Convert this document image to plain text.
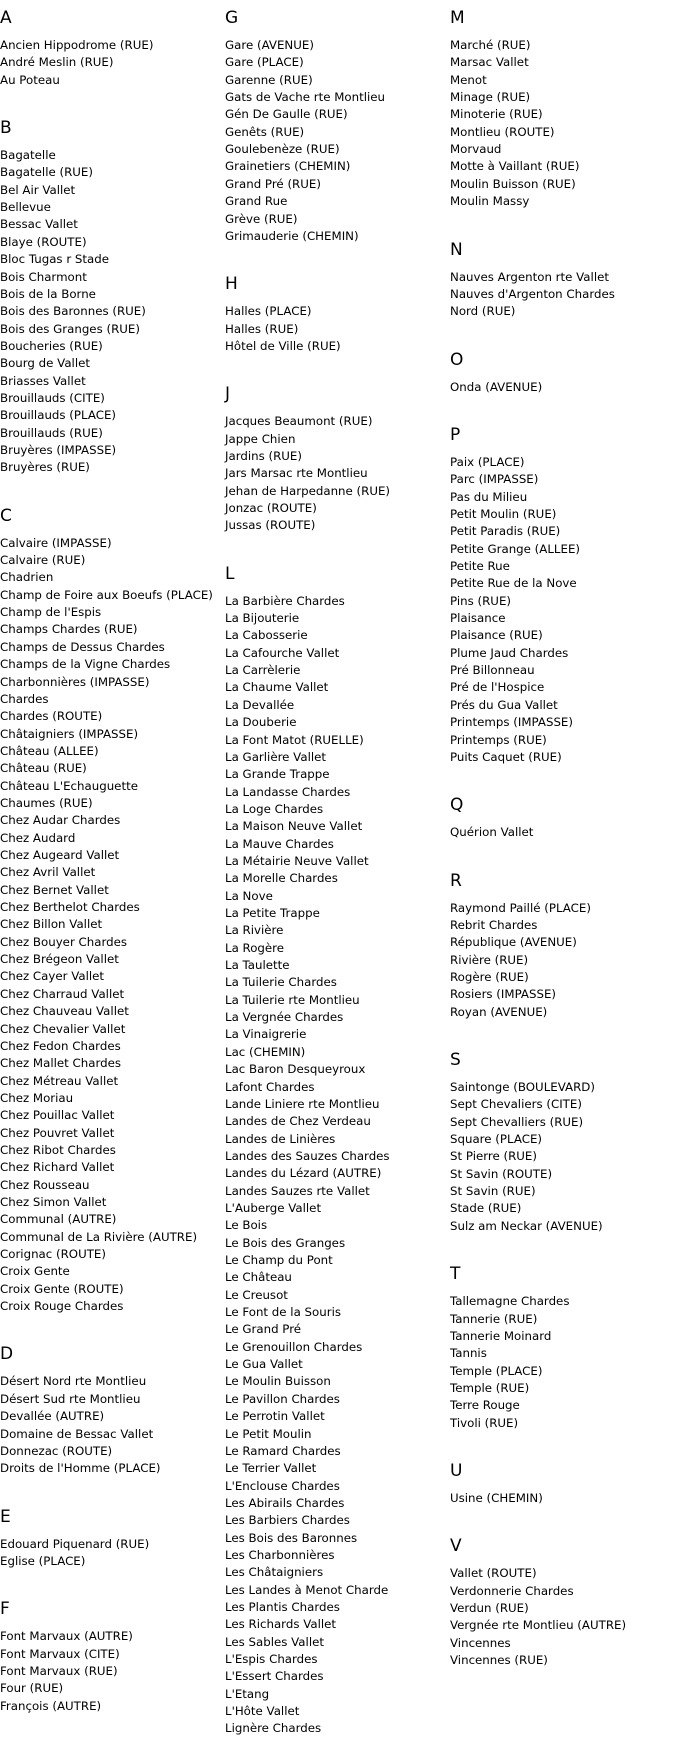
A
Ancien Hippodrome (RUE)
André Meslin (RUE)
Au Poteau
B
Bagatelle
Bagatelle (RUE)
Bel Air Vallet
Bellevue
Bessac Vallet
Blaye (ROUTE)
Bloc Tugas r Stade
Bois Charmont
Bois de la Borne
Bois des Baronnes (RUE)
Bois des Granges (RUE)
Boucheries (RUE)
Bourg de Vallet
Briasses Vallet
Brouillauds (CITE)
Brouillauds (PLACE)
Brouillauds (RUE)
Bruyères (IMPASSE)
Bruyères (RUE)
C
Calvaire (IMPASSE)
Calvaire (RUE)
Chadrien
Champ de Foire aux Boeufs (PLACE)
Champ de l'Espis
Champs Chardes (RUE)
Champs de Dessus Chardes
Champs de la Vigne Chardes
Charbonnières (IMPASSE)
Chardes
Chardes (ROUTE)
Châtaigniers (IMPASSE)
Château (ALLEE)
Château (RUE)
Château L'Echauguette
Chaumes (RUE)
Chez Audar Chardes
Chez Audard
Chez Augeard Vallet
Chez Avril Vallet
Chez Bernet Vallet
Chez Berthelot Chardes
Chez Billon Vallet
Chez Bouyer Chardes
Chez Brégeon Vallet
Chez Cayer Vallet
Chez Charraud Vallet
Chez Chauveau Vallet
Chez Chevalier Vallet
Chez Fedon Chardes
Chez Mallet Chardes
Chez Métreau Vallet
Chez Moriau
Chez Pouillac Vallet
Chez Pouvret Vallet
Chez Ribot Chardes
Chez Richard Vallet
Chez Rousseau
Chez Simon Vallet
Communal (AUTRE)
Communal de La Rivière (AUTRE)
Corignac (ROUTE)
Croix Gente
Croix Gente (ROUTE)
Croix Rouge Chardes
D
Désert Nord rte Montlieu
Désert Sud rte Montlieu
Devallée (AUTRE)
Domaine de Bessac Vallet
Donnezac (ROUTE)
Droits de l'Homme (PLACE)
E
Edouard Piquenard (RUE)
Eglise (PLACE)
F
Font Marvaux (AUTRE)
Font Marvaux (CITE)
Font Marvaux (RUE)
Four (RUE)
François (AUTRE)
G
Gare (AVENUE)
Gare (PLACE)
Garenne (RUE)
Gats de Vache rte Montlieu
Gén De Gaulle (RUE)
Genêts (RUE)
Goulebenèze (RUE)
Grainetiers (CHEMIN)
Grand Pré (RUE)
Grand Rue
Grève (RUE)
Grimauderie (CHEMIN)
H
Halles (PLACE)
Halles (RUE)
Hôtel de Ville (RUE)
J
Jacques Beaumont (RUE)
Jappe Chien
Jardins (RUE)
Jars Marsac rte Montlieu
Jehan de Harpedanne (RUE)
Jonzac (ROUTE)
Jussas (ROUTE)
L
La Barbière Chardes
La Bijouterie
La Cabosserie
La Cafourche Vallet
La Carrèlerie
La Chaume Vallet
La Devallée
La Douberie
La Font Matot (RUELLE)
La Garlière Vallet
La Grande Trappe
La Landasse Chardes
La Loge Chardes
La Maison Neuve Vallet
La Mauve Chardes
La Métairie Neuve Vallet
La Morelle Chardes
La Nove
La Petite Trappe
La Rivière
La Rogère
La Taulette
La Tuilerie Chardes
La Tuilerie rte Montlieu
La Vergnée Chardes
La Vinaigrerie
Lac (CHEMIN)
Lac Baron Desqueyroux
Lafont Chardes
Lande Liniere rte Montlieu
Landes de Chez Verdeau
Landes de Linières
Landes des Sauzes Chardes
Landes du Lézard (AUTRE)
Landes Sauzes rte Vallet
L'Auberge Vallet
Le Bois
Le Bois des Granges
Le Champ du Pont
Le Château
Le Creusot
Le Font de la Souris
Le Grand Pré
Le Grenouillon Chardes
Le Gua Vallet
Le Moulin Buisson
Le Pavillon Chardes
Le Perrotin Vallet
Le Petit Moulin
Le Ramard Chardes
Le Terrier Vallet
L'Enclouse Chardes
Les Abirails Chardes
Les Barbiers Chardes
Les Bois des Baronnes
Les Charbonnières
Les Châtaigniers
Les Landes à Menot Charde
Les Plantis Chardes
Les Richards Vallet
Les Sables Vallet
L'Espis Chardes
L'Essert Chardes
L'Etang
L'Hôte Vallet
Lignère Chardes
M
Marché (RUE)
Marsac Vallet
Menot
Minage (RUE)
Minoterie (RUE)
Montlieu (ROUTE)
Morvaud
Motte à Vaillant (RUE)
Moulin Buisson (RUE)
Moulin Massy
N
Nauves Argenton rte Vallet
Nauves d'Argenton Chardes
Nord (RUE)
O
Onda (AVENUE)
P
Paix (PLACE)
Parc (IMPASSE)
Pas du Milieu
Petit Moulin (RUE)
Petit Paradis (RUE)
Petite Grange (ALLEE)
Petite Rue
Petite Rue de la Nove
Pins (RUE)
Plaisance
Plaisance (RUE)
Plume Jaud Chardes
Pré Billonneau
Pré de l'Hospice
Prés du Gua Vallet
Printemps (IMPASSE)
Printemps (RUE)
Puits Caquet (RUE)
Q
Quérion Vallet
R
Raymond Paillé (PLACE)
Rebrit Chardes
République (AVENUE)
Rivière (RUE)
Rogère (RUE)
Rosiers (IMPASSE)
Royan (AVENUE)
S
Saintonge (BOULEVARD)
Sept Chevaliers (CITE)
Sept Chevalliers (RUE)
Square (PLACE)
St Pierre (RUE)
St Savin (ROUTE)
St Savin (RUE)
Stade (RUE)
Sulz am Neckar (AVENUE)
T
Tallemagne Chardes
Tannerie (RUE)
Tannerie Moinard
Tannis
Temple (PLACE)
Temple (RUE)
Terre Rouge
Tivoli (RUE)
U
Usine (CHEMIN)
V
Vallet (ROUTE)
Verdonnerie Chardes
Verdun (RUE)
Vergnée rte Montlieu (AUTRE)
Vincennes
Vincennes (RUE)
